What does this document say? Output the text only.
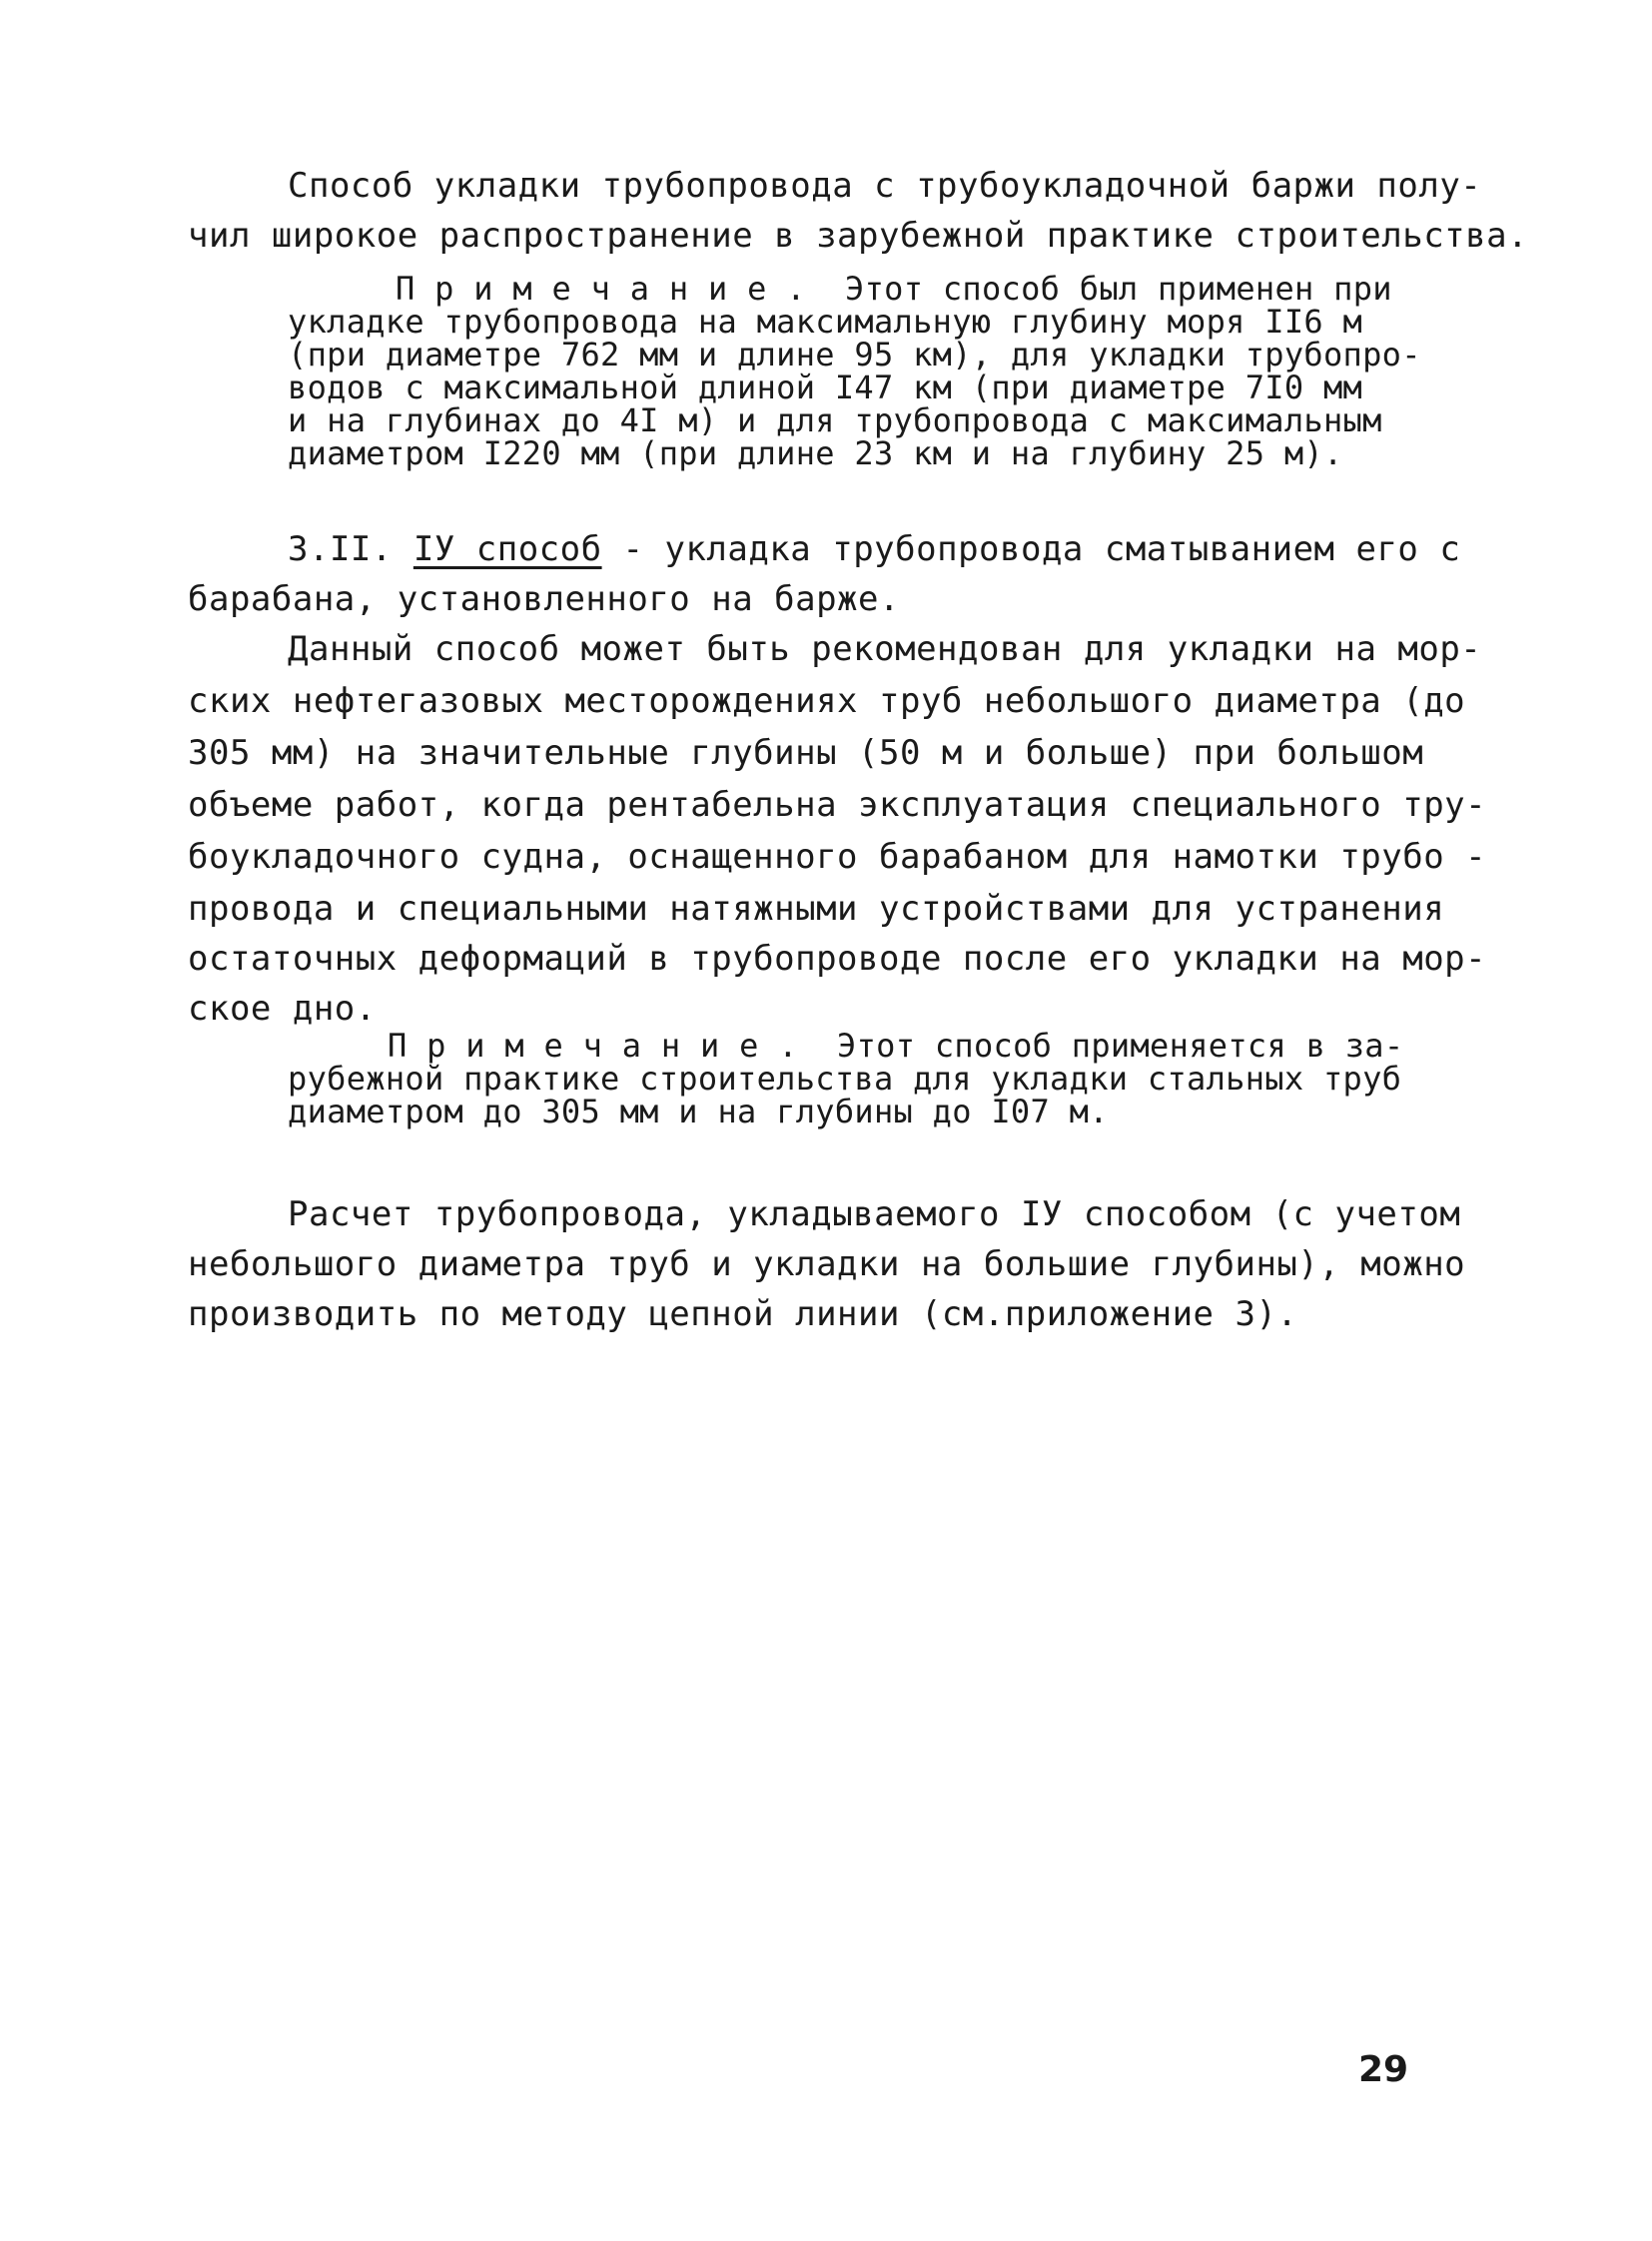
Способ укладки трубопровода с трубоукладочной баржи полу-
чил широкое распространение в зарубежной практике строительства.
П р и м е ч а н и е .  Этот способ был применен при
укладке трубопровода на максимальную глубину моря II6 м
(при диаметре 762 мм и длине 95 км), для укладки трубопро-
водов с максимальной длиной I47 км (при диаметре 7I0 мм
и на глубинах до 4I м) и для трубопровода с максимальным
диаметром I220 мм (при длине 23 км и на глубину 25 м).
3.II. IУ способ - укладка трубопровода сматыванием его с
барабана, установленного на барже.
Данный способ может быть рекомендован для укладки на мор-
ских нефтегазовых месторождениях труб небольшого диаметра (до
305 мм) на значительные глубины (50 м и больше) при большом
объеме работ, когда рентабельна эксплуатация специального тру-
боукладочного судна, оснащенного барабаном для намотки трубо -
провода и специальными натяжными устройствами для устранения
остаточных деформаций в трубопроводе после его укладки на мор-
ское дно.
П р и м е ч а н и е .  Этот способ применяется в за-
рубежной практике строительства для укладки стальных труб
диаметром до 305 мм и на глубины до I07 м.
Расчет трубопровода, укладываемого IУ способом (с учетом
небольшого диаметра труб и укладки на большие глубины), можно
производить по методу цепной линии (см.приложение 3).
29
